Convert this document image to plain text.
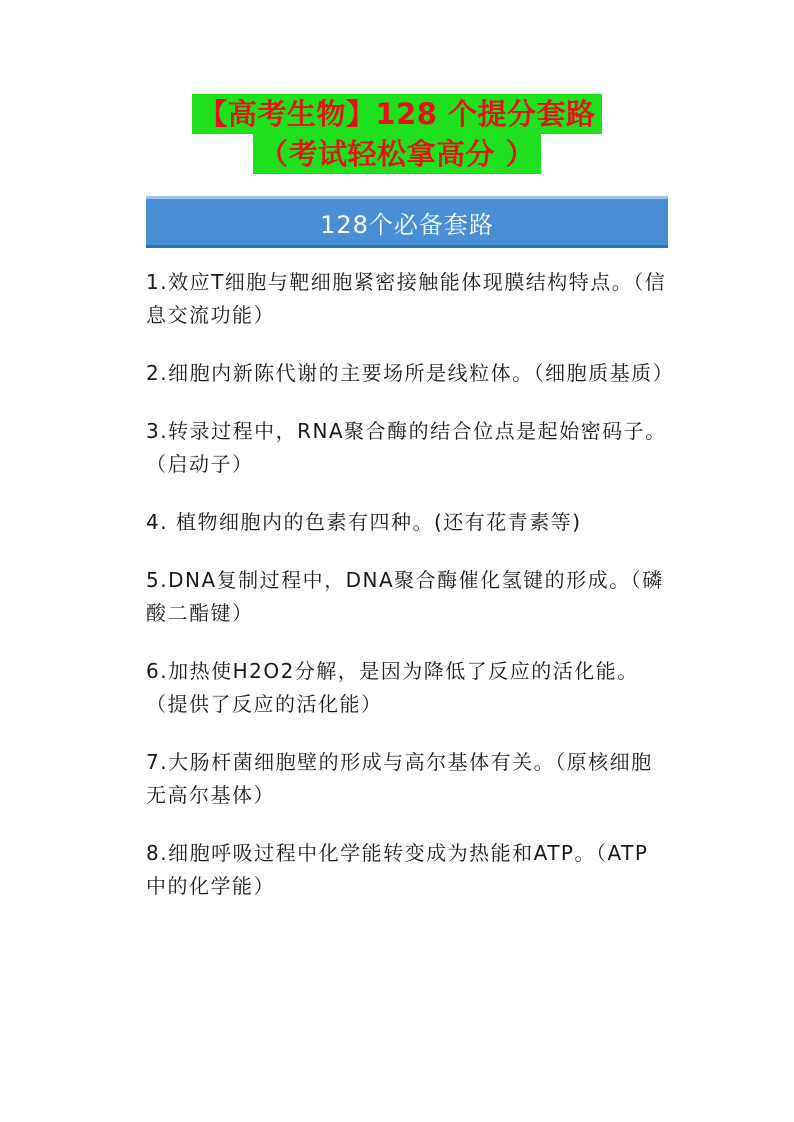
【高考生物】128 个提分套路
（考试轻松拿高分 ）
128个必备套路

1.效应T细胞与靶细胞紧密接触能体现膜结构特点。（信息交流功能）

2.细胞内新陈代谢的主要场所是线粒体。（细胞质基质）

3.转录过程中，RNA聚合酶的结合位点是起始密码子。（启动子）

4. 植物细胞内的色素有四种。(还有花青素等)

5.DNA复制过程中，DNA聚合酶催化氢键的形成。（磷酸二酯键）

6.加热使H2O2分解，是因为降低了反应的活化能。（提供了反应的活化能）

7.大肠杆菌细胞壁的形成与高尔基体有关。（原核细胞无高尔基体）

8.细胞呼吸过程中化学能转变成为热能和ATP。（ATP中的化学能）
